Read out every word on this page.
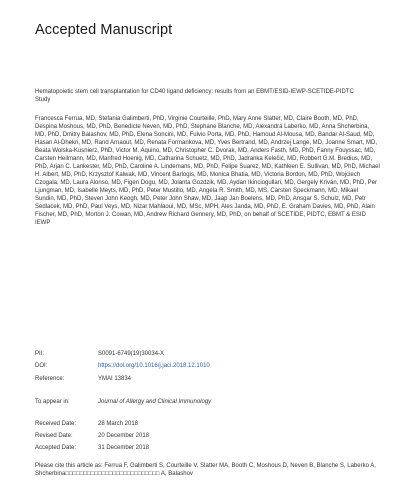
Accepted Manuscript
Hematopoietic stem cell transplantation for CD40 ligand deficiency: results from an EBMT/ESID-IEWP-SCETIDE-PIDTC Study
Francesca Ferrua, MD, Stefania Galimberti, PhD, Virginie Courteille, PhD, Mary Anne Slatter, MD, Claire Booth, MD, PhD, Despina Moshous, MD, PhD, Benedicte Neven, MD, PhD, Stephane Blanche, MD, Alexandra Laberko, MD, Anna Shcherbina, MD, PhD, Dmitry Balashov, MD, PhD, Elena Soncini, MD, Fulvio Porta, MD, PhD, Hamoud Al-Mousa, MD, Bandar Al-Saud, MD, Hasan Al-Dhekri, MD, Rand Arnaout, MD, Renata Formankova, MD, Yves Bertrand, MD, Andrzej Lange, MD, Joanne Smart, MD, Beata Wolska-Kusnierz, PhD, Victor M. Aquino, MD, Christopher C. Dvorak, MD, Anders Fasth, MD, PhD, Fanny Fouyssac, MD, Carsten Heilmann, MD, Manfred Hoenig, MD, Catharina Schuetz, MD, PhD, Jadranka Kelečić, MD, Robbert G.M. Bredius, MD, PhD, Arjan C. Lankester, MD, PhD, Caroline A. Lindemans, MD, PhD, Felipe Suarez, MD, Kathleen E. Sullivan, MD, PhD, Michael H. Albert, MD, PhD, Krzysztof Kalwak, MD, Vincent Barlogis, MD, Monica Bhatia, MD, Victoria Bordon, MD, PhD, Wojciech Czogala, MD, Laura Alonso, MD, Figen Dogu, MD, Jolanta Gozdzik, MD, Aydan Ikinciogullari, MD, Gergely Kriván, MD, PhD, Per Ljungman, MD, Isabelle Meyts, MD, PhD, Peter Mustillo, MD, Angela R. Smith, MD, MS, Carsten Speckmann, MD, Mikael Sundin, MD, PhD, Steven John Keogh, MD, Peter John Shaw, MD, Jaap Jan Boelens, MD, PhD, Ansgar S. Schulz, MD, Petr Sedlacek, MD, PhD, Paul Veys, MD, Nizar Mahlaoui, MD, MSc, MPH, Ales Janda, MD, PhD, E. Graham Davies, MD, PhD, Alain Fischer, MD, PhD, Morton J. Cowan, MD, Andrew Richard Gennery, MD, PhD, on behalf of SCETIDE, PIDTC, EBMT & ESID IEWP
PII:	S0091-6749(19)30034-X
DOI:	https://doi.org/10.1016/j.jaci.2018.12.1010
Reference:	YMAI 13834
To appear in:	Journal of Allergy and Clinical Immunology
Received Date:	28 March 2018
Revised Date:	20 December 2018
Accepted Date:	31 December 2018
Please cite this article as: Ferrua F, Galimberti S, Courteille V, Slatter MA, Booth C, Moshous D, Neven B, Blanche S, Laberko A, Shcherbina□□□□□□□□□□□□□□□□□□□□□□□□□□ A, Balashov
